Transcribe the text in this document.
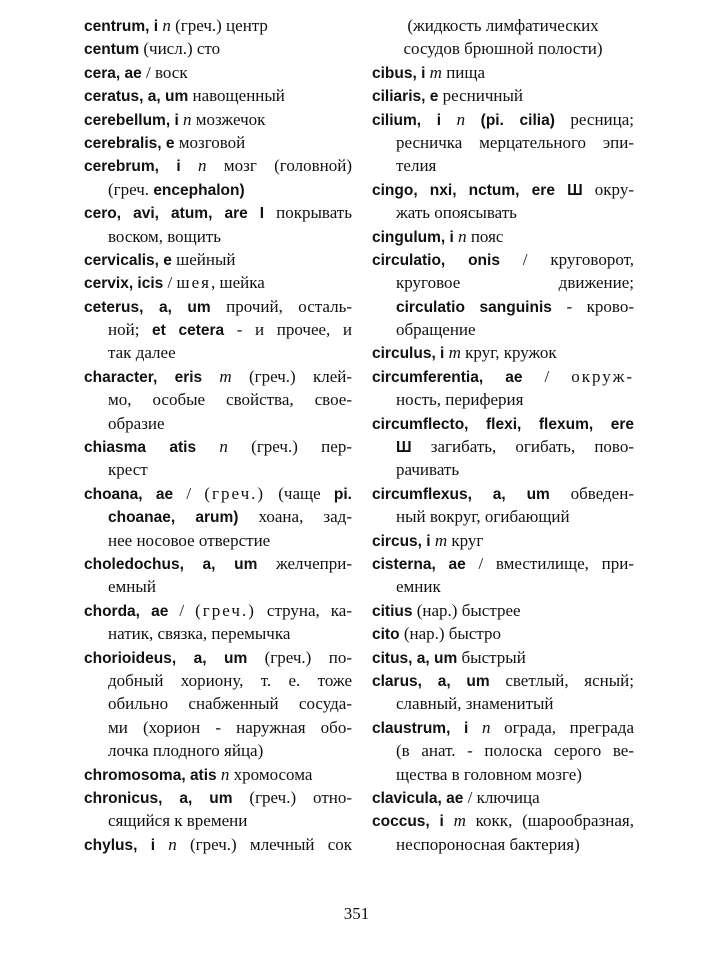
centrum, i n (греч.) центр
centum (числ.) сто
cera, ae / воск
ceratus, a, um навощенный
cerebellum, i n мозжечок
cerebralis, e мозговой
cerebrum, i n мозг (головной)
(греч. encephalon)
cero, avi, atum, are I покрывать
воском, вощить
cervicalis, e шейный
cervix, icis / шея, шейка
ceterus, a, um прочий, осталь-
ной; et cetera - и прочее, и
так далее
character, eris m (греч.) клей-
мо, особые свойства, свое-
образие
chiasma atis n (греч.) пер-
крест
choana, ae / (греч.) (чаще pi.
choanae, arum) хоана, зад-
нее носовое отверстие
choledochus, a, um желчепри-
емный
chorda, ae / (греч.) струна, ка-
натик, связка, перемычка
chorioideus, a, um (греч.) по-
добный хориону, т. е. тоже
обильно снабженный сосуда-
ми (хорион - наружная обо-
лочка плодного яйца)
chromosoma, atis n хромосома
chronicus, a, um (греч.) отно-
сящийся к времени
chylus, i n (греч.) млечный сок
(жидкость лимфатических
сосудов брюшной полости)
cibus, i m пища
ciliaris, e ресничный
cilium, i n (pi. cilia) ресница;
ресничка мерцательного эпи-
телия
cingo, nxi, nctum, ere Ш окру-
жать опоясывать
cingulum, i n пояс
circulatio, onis / круговорот,
круговое движение;
circulatio sanguinis - крово-
обращение
circulus, i m круг, кружок
circumferentia, ae / окруж-
ность, периферия
circumflecto, flexi, flexum, ere
Ш загибать, огибать, пово-
рачивать
circumflexus, a, um обведен-
ный вокруг, огибающий
circus, i m круг
cisterna, ae / вместилище, при-
емник
citius (нар.) быстрее
cito (нар.) быстро
citus, a, um быстрый
clarus, a, um светлый, ясный;
славный, знаменитый
claustrum, i n ограда, преграда
(в анат. - полоска серого ве-
щества в головном мозге)
clavicula, ae / ключица
coccus, i m кокк, (шарообразная,
неспороносная бактерия)
351
